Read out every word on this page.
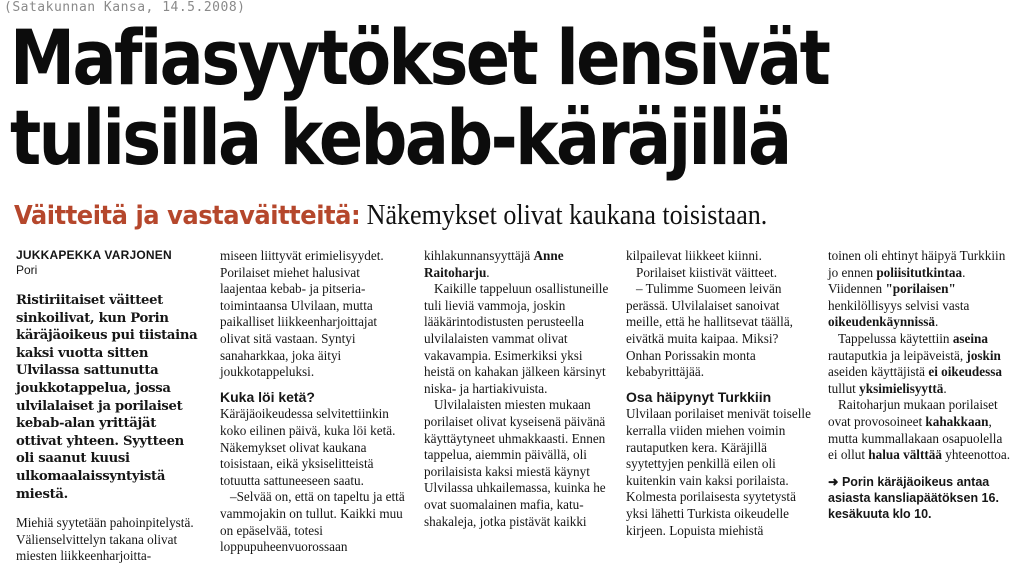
(Satakunnan Kansa, 14.5.2008)
Mafiasyytökset lensivät
tulisilla kebab-käräjillä
Väitteitä ja vastaväitteitä: Näkemykset olivat kaukana toisistaan.

JUKKAPEKKA VARJONEN

Pori

Ristiriitaiset väitteet sinkoilivat, kun Porin käräjäoikeus pui tiistaina kaksi vuotta sitten Ulvilassa sattunutta joukkotappelua, jossa ulvilalaiset ja porilaiset kebab-alan yrittäjät ottivat yhteen. Syytteen oli saanut kuusi ulkomaalaissyntyistä miestä.

Miehiä syytetään pahoinpitelystä. Välienselvittelyn takana olivat miesten liikkeenharjoitta-

miseen liittyvät erimielisyydet.

Porilaiset miehet halusivat laajentaa kebab- ja pitseria-toimintaansa Ulvilaan, mutta paikalliset liikkeenharjoittajat olivat sitä vastaan. Syntyi sanaharkkaa, joka äityi joukkotappeluksi.

Kuka löi ketä?

Käräjäoikeudessa selvitettiinkin koko eilinen päivä, kuka löi ketä. Näkemykset olivat kaukana toisistaan, eikä yksiselitteistä totuutta sattuneeseen saatu.

–Selvää on, että on tapeltu ja että vammojakin on tullut. Kaikki muu on epäselvää, totesi loppupuheenvuorossaan

kihlakunnansyyttäjä Anne Raitoharju.

Kaikille tappeluun osallistuneille tuli lieviä vammoja, joskin lääkärintodistusten perusteella ulvilalaisten vammat olivat vakavampia. Esimerkiksi yksi heistä on kahakan jälkeen kärsinyt niska- ja hartiakivuista.

Ulvilalaisten miesten mukaan porilaiset olivat kyseisenä päivänä käyttäytyneet uhmakkaasti. Ennen tappelua, aiemmin päivällä, oli porilaisista kaksi miestä käynyt Ulvilassa uhkailemassa, kuinka he ovat suomalainen mafia, katu-shakaleja, jotka pistävät kaikki

kilpailevat liikkeet kiinni.

Porilaiset kiistivät väitteet.

– Tulimme Suomeen leivän perässä. Ulvilalaiset sanoivat meille, että he hallitsevat täällä, eivätkä muita kaipaa. Miksi? Onhan Porissakin monta kebabyrittäjää.

Osa häipynyt Turkkiin

Ulvilaan porilaiset menivät toiselle kerralla viiden miehen voimin rautaputken kera. Käräjillä syytettyjen penkillä eilen oli kuitenkin vain kaksi porilaista. Kolmesta porilaisesta syytetystä yksi lähetti Turkista oikeudelle kirjeen. Lopuista miehistä

toinen oli ehtinyt häipyä Turkkiin jo ennen poliisitutkintaa. Viidennen "porilaisen" henkilöllisyys selvisi vasta oikeudenkäynnissä.

Tappelussa käytettiin aseina rautaputkia ja leipäveistä, joskin aseiden käyttäjistä ei oikeudessa tullut yksimielisyyttä.

Raitoharjun mukaan porilaiset ovat provosoineet kahakkaan, mutta kummallakaan osapuolella ei ollut halua välttää yhteenottoa.

➜ Porin käräjäoikeus antaa asiasta kansliapäätöksen 16. kesäkuuta klo 10.
